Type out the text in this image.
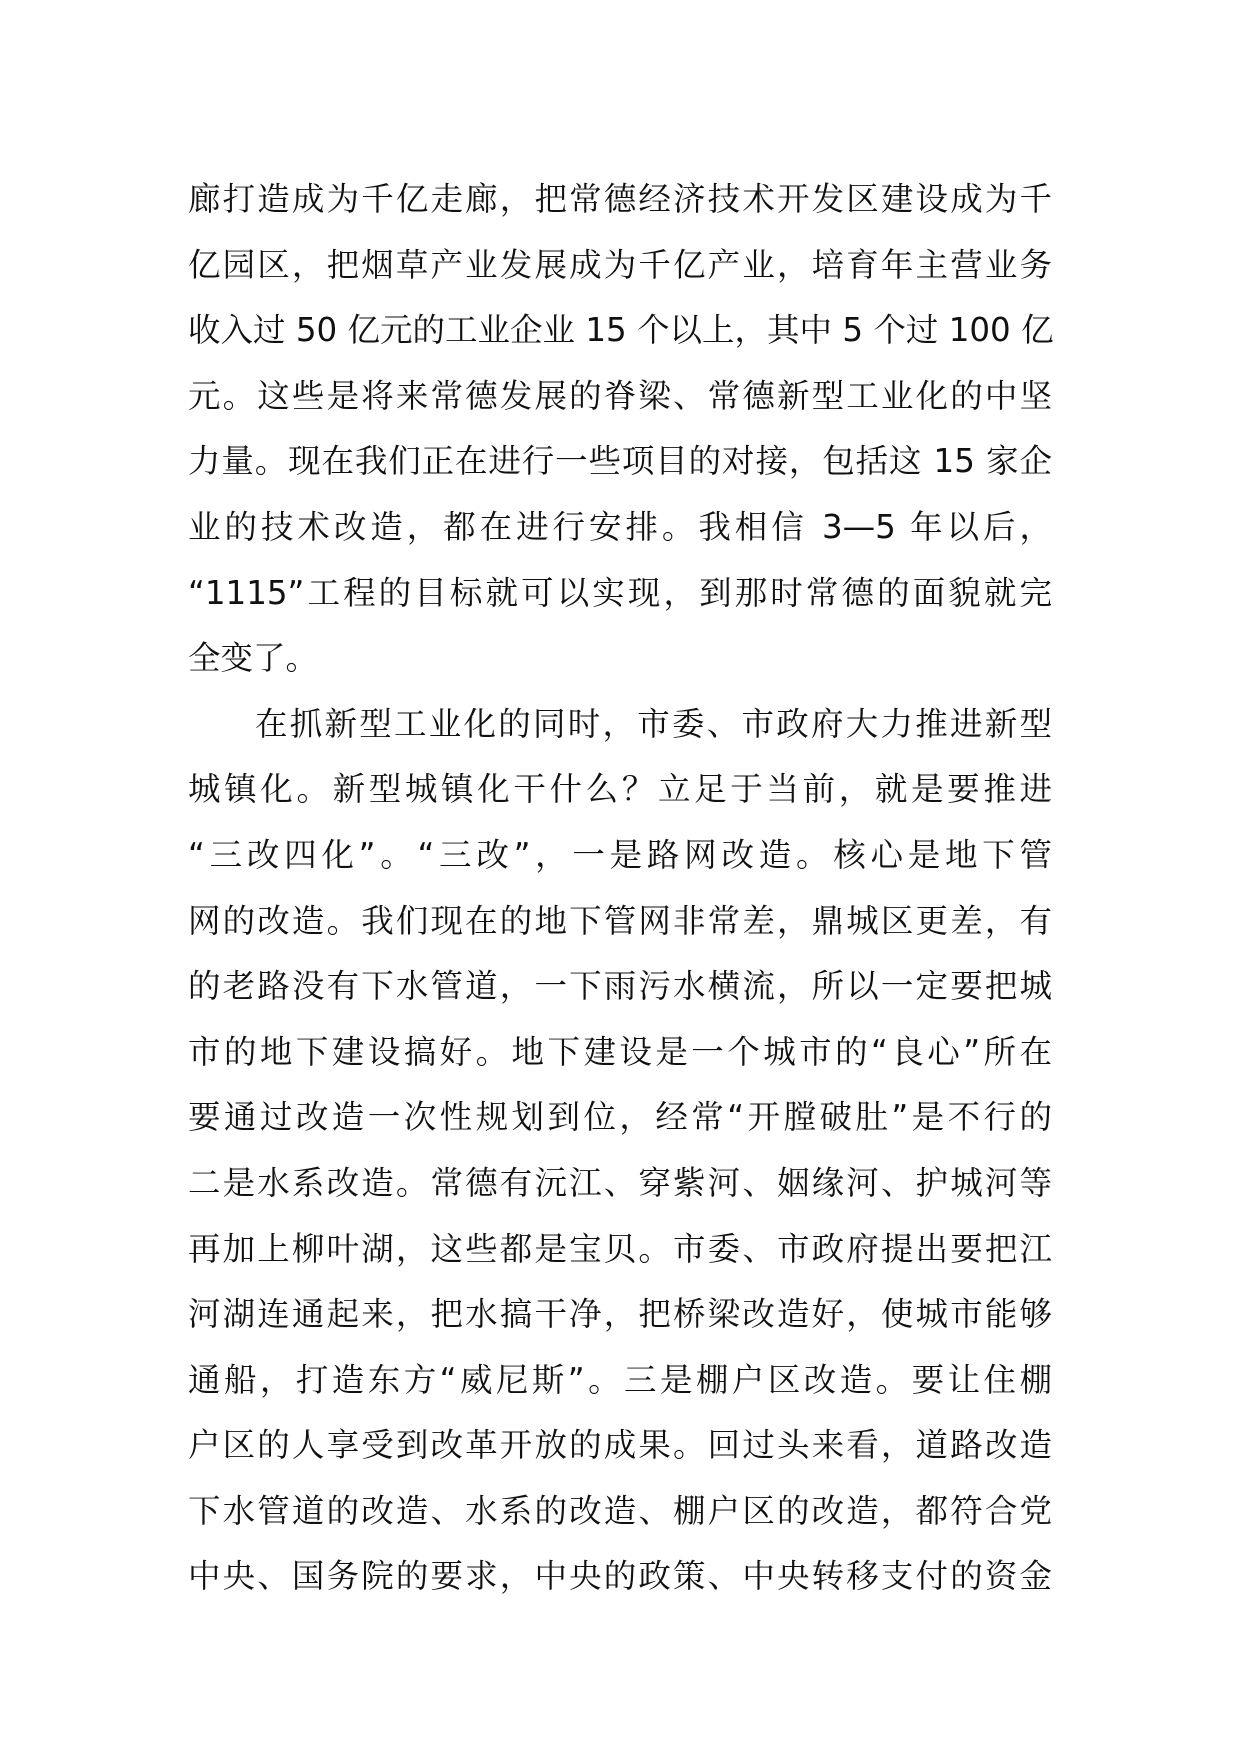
廊打造成为千亿走廊，把常德经济技术开发区建设成为千
亿园区，把烟草产业发展成为千亿产业，培育年主营业务
收入过 50 亿元的工业企业 15 个以上，其中 5 个过 100 亿
元。这些是将来常德发展的脊梁、常德新型工业化的中坚
力量。现在我们正在进行一些项目的对接，包括这 15 家企
业的技术改造，都在进行安排。我相信 3—5 年以后，
“1115”工程的目标就可以实现，到那时常德的面貌就完
全变了。
在抓新型工业化的同时，市委、市政府大力推进新型
城镇化。新型城镇化干什么？立足于当前，就是要推进
“三改四化”。“三改”，一是路网改造。核心是地下管
网的改造。我们现在的地下管网非常差，鼎城区更差，有
的老路没有下水管道，一下雨污水横流，所以一定要把城
市的地下建设搞好。地下建设是一个城市的“良心”所在
要通过改造一次性规划到位，经常“开膛破肚”是不行的
二是水系改造。常德有沅江、穿紫河、姻缘河、护城河等
再加上柳叶湖，这些都是宝贝。市委、市政府提出要把江
河湖连通起来，把水搞干净，把桥梁改造好，使城市能够
通船，打造东方“威尼斯”。三是棚户区改造。要让住棚
户区的人享受到改革开放的成果。回过头来看，道路改造
下水管道的改造、水系的改造、棚户区的改造，都符合党
中央、国务院的要求，中央的政策、中央转移支付的资金
